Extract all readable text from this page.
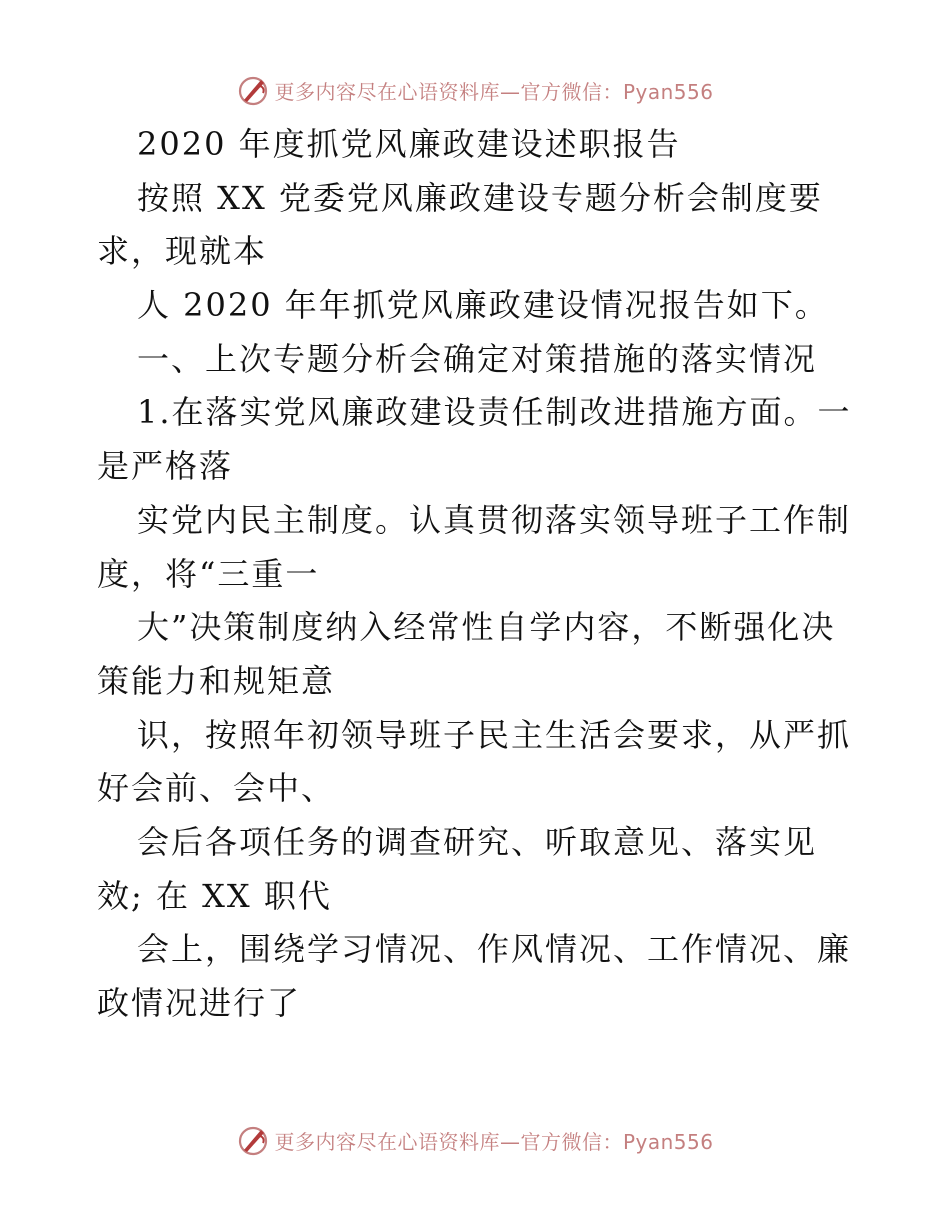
更多内容尽在心语资料库—官方微信：Pyan556
2020 年度抓党风廉政建设述职报告
按照 XX 党委党风廉政建设专题分析会制度要
求，现就本
人 2020 年年抓党风廉政建设情况报告如下。
一、上次专题分析会确定对策措施的落实情况
1.在落实党风廉政建设责任制改进措施方面。一
是严格落
实党内民主制度。认真贯彻落实领导班子工作制
度，将“三重一
大”决策制度纳入经常性自学内容，不断强化决
策能力和规矩意
识，按照年初领导班子民主生活会要求，从严抓
好会前、会中、
会后各项任务的调查研究、听取意见、落实见
效; 在 XX 职代
会上，围绕学习情况、作风情况、工作情况、廉
政情况进行了
更多内容尽在心语资料库—官方微信：Pyan556
